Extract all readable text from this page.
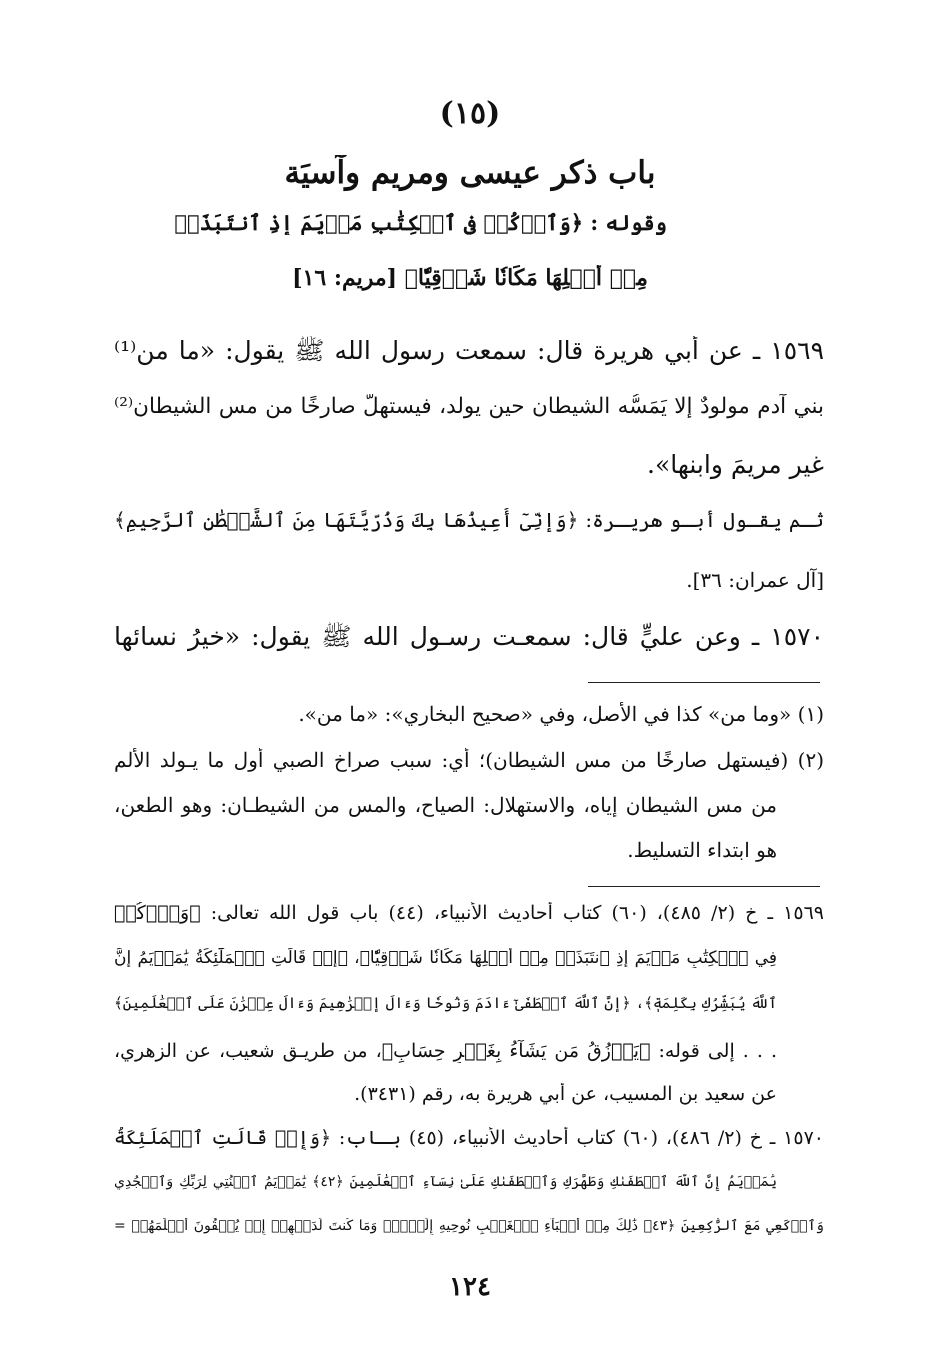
(١٥)
باب ذكر عيسى ومريم وآسيَة
وقوله : ﴿وَٱذۡكُرۡ فِي ٱلۡكِتَٰبِ مَرۡيَمَ إِذِ ٱنتَبَذَتۡ
مِنۡ أَهۡلِهَا مَكَانٗا شَرۡقِيّٗا﴾ [مريم: ١٦]
١٥٦٩ ـ عن أبي هريرة قال: سمعت رسول الله ﷺ يقول: «ما من⁽¹⁾
بني آدم مولودٌ إلا يَمَسُّه الشيطان حين يولد، فيستهِلُّ صارخًا من مس الشيطان⁽²⁾
غير مريمَ وابنها».
ثـم يقـول أبـو هريـرة: ﴿وَإِنِّيٓ أُعِيذُهَا بِكَ وَذُرِّيَّتَهَا مِنَ ٱلشَّيۡطَٰنِ ٱلرَّجِيمِ﴾
[آل عمران: ٣٦].
١٥٧٠ ـ وعن عليٍّ قال: سمعـت رسـول الله ﷺ يقول: «خيرُ نسائها
(١) «وما من» كذا في الأصل، وفي «صحيح البخاري»: «ما من».
(٢) (فيستهل صارخًا من مس الشيطان)؛ أي: سبب صراخ الصبي أول ما يـولد الألم
من مس الشيطان إياه، والاستهلال: الصياح، والمس من الشيطـان: وهو الطعن،
هو ابتداء التسليط.
١٥٦٩ ـ خ (٢/ ٤٨٥)، (٦٠) كتاب أحاديث الأنبياء، (٤٤) باب قول الله تعالى: ﴿وَٱذۡكُرۡ
فِي ٱلۡكِتَٰبِ مَرۡيَمَ إِذِ ٱنتَبَذَتۡ مِنۡ أَهۡلِهَا مَكَانٗا شَرۡقِيّٗا﴾، ﴿إِذۡ قَالَتِ ٱلۡمَلَٰٓئِكَةُ يَٰمَرۡيَمُ إِنَّ
ٱللَّهَ يُبَشِّرُكِ بِكَلِمَةٖ﴾، ﴿إِنَّ ٱللَّهَ ٱصۡطَفَىٰٓ ءَادَمَ وَنُوحٗا وَءَالَ إِبۡرَٰهِيمَ وَءَالَ عِمۡرَٰنَ عَلَى ٱلۡعَٰلَمِينَ﴾
. . . إلى قوله: ﴿يَرۡزُقُ مَن يَشَآءُ بِغَيۡرِ حِسَابٍ﴾، من طريـق شعيب، عن الزهري،
عن سعيد بن المسيب، عن أبي هريرة به، رقم (٣٤٣١).
١٥٧٠ ـ خ (٢/ ٤٨٦)، (٦٠) كتاب أحاديث الأنبياء، (٤٥) بـاب: ﴿وَإِذۡ قَالَتِ ٱلۡمَلَٰٓئِكَةُ
يَٰمَرۡيَمُ إِنَّ ٱللَّهَ ٱصۡطَفَىٰكِ وَطَهَّرَكِ وَٱصۡطَفَىٰكِ عَلَىٰ نِسَآءِ ٱلۡعَٰلَمِينَ ﴿٤٢﴾ يَٰمَرۡيَمُ ٱقۡنُتِي لِرَبِّكِ وَٱسۡجُدِي
وَٱرۡكَعِي مَعَ ٱلرَّٰكِعِينَ ﴿٤٣﴾ ذَٰلِكَ مِنۡ أَنۢبَآءِ ٱلۡغَيۡبِ نُوحِيهِ إِلَيۡكَۚ وَمَا كُنتَ لَدَيۡهِمۡ إِذۡ يُلۡقُونَ أَقۡلَٰمَهُمۡ =
١٢٤
